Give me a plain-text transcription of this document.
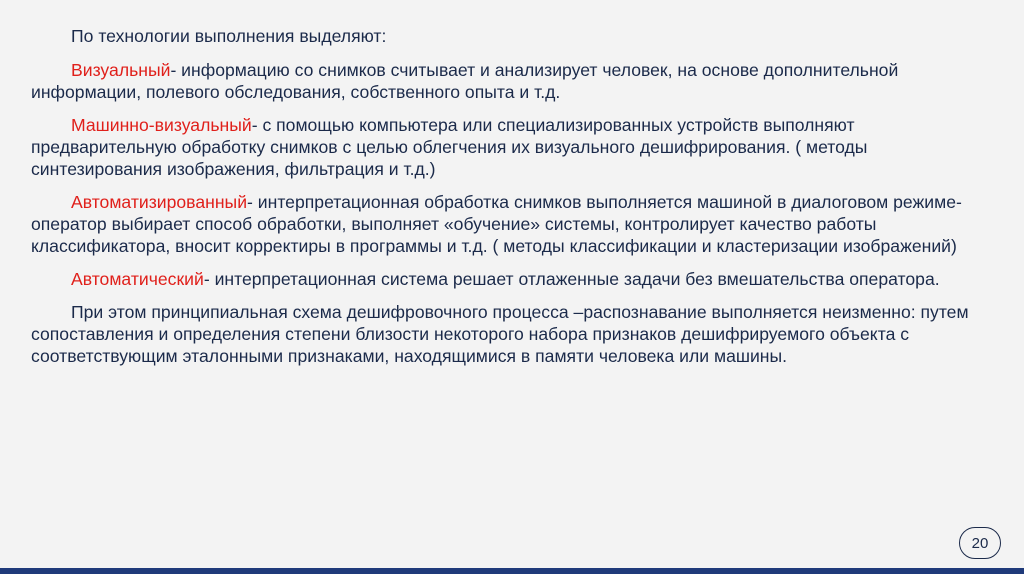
По технологии выполнения выделяют:

Визуальный- информацию со снимков считывает и анализирует человек, на основе дополнительной информации, полевого обследования, собственного опыта и т.д.

Машинно-визуальный- с помощью компьютера или специализированных устройств выполняют предварительную обработку снимков с целью облегчения их визуального дешифрирования. ( методы синтезирования изображения, фильтрация и т.д.)

Автоматизированный- интерпретационная обработка снимков выполняется машиной в диалоговом режиме- оператор выбирает способ обработки, выполняет «обучение» системы, контролирует качество работы классификатора, вносит корректиры в программы и т.д. ( методы классификации и кластеризации изображений)

Автоматический- интерпретационная система решает отлаженные задачи без вмешательства оператора.

При этом принципиальная схема дешифровочного процесса –распознавание выполняется неизменно: путем сопоставления и определения степени близости некоторого набора признаков дешифрируемого объекта с соответствующим эталонными признаками, находящимися в памяти человека или машины.

20
